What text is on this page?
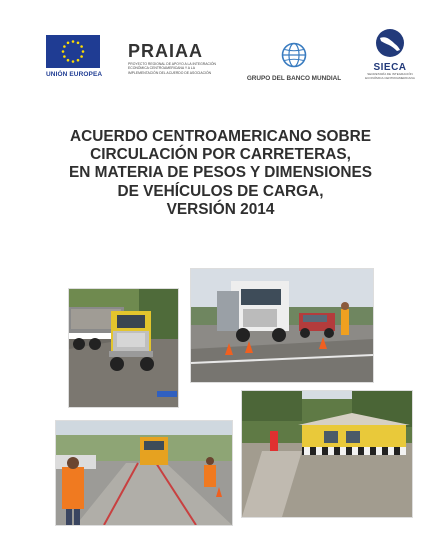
UNIÓN EUROPEA
PRAIAA
PROYECTO REGIONAL DE APOYO A LA INTEGRACIÓN ECONÓMICA CENTROAMERICANA Y A LA IMPLEMENTACIÓN DEL ACUERDO DE ASOCIACIÓN
GRUPO DEL BANCO MUNDIAL
SIECA
SECRETARÍA DE INTEGRACIÓN
ECONÓMICA CENTROAMERICANA
ACUERDO CENTROAMERICANO SOBRE
CIRCULACIÓN POR CARRETERAS,
EN MATERIA DE PESOS Y DIMENSIONES
DE VEHÍCULOS DE CARGA,
VERSIÓN 2014
